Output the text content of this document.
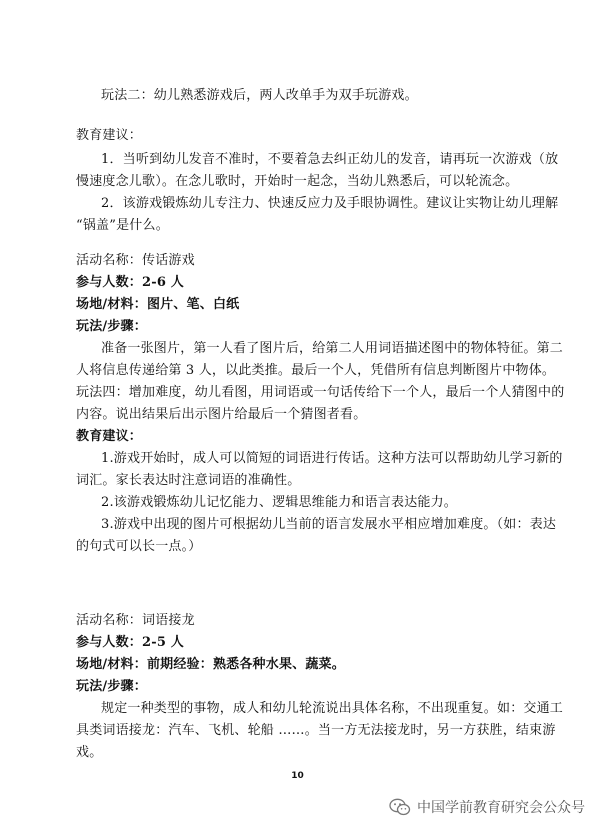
玩法二：幼儿熟悉游戏后，两人改单手为双手玩游戏。
教育建议：
1．当听到幼儿发音不准时，不要着急去纠正幼儿的发音，请再玩一次游戏（放
慢速度念儿歌）。在念儿歌时，开始时一起念，当幼儿熟悉后，可以轮流念。
2．该游戏锻炼幼儿专注力、快速反应力及手眼协调性。建议让实物让幼儿理解
“锅盖”是什么。
活动名称：传话游戏
参与人数：2-6 人
场地/材料：图片、笔、白纸
玩法/步骤：
准备一张图片，第一人看了图片后，给第二人用词语描述图中的物体特征。第二
人将信息传递给第 3 人，以此类推。最后一个人，凭借所有信息判断图片中物体。
玩法四：增加难度，幼儿看图，用词语或一句话传给下一个人，最后一个人猜图中的
内容。说出结果后出示图片给最后一个猜图者看。
教育建议：
1.游戏开始时，成人可以简短的词语进行传话。这种方法可以帮助幼儿学习新的
词汇。家长表达时注意词语的准确性。
2.该游戏锻炼幼儿记忆能力、逻辑思维能力和语言表达能力。
3.游戏中出现的图片可根据幼儿当前的语言发展水平相应增加难度。（如：表达
的句式可以长一点。）
活动名称：词语接龙
参与人数：2-5 人
场地/材料：前期经验：熟悉各种水果、蔬菜。
玩法/步骤：
规定一种类型的事物，成人和幼儿轮流说出具体名称，不出现重复。如：交通工
具类词语接龙：汽车、飞机、轮船 ……。当一方无法接龙时，另一方获胜，结束游
戏。
10
中国学前教育研究会公众号
